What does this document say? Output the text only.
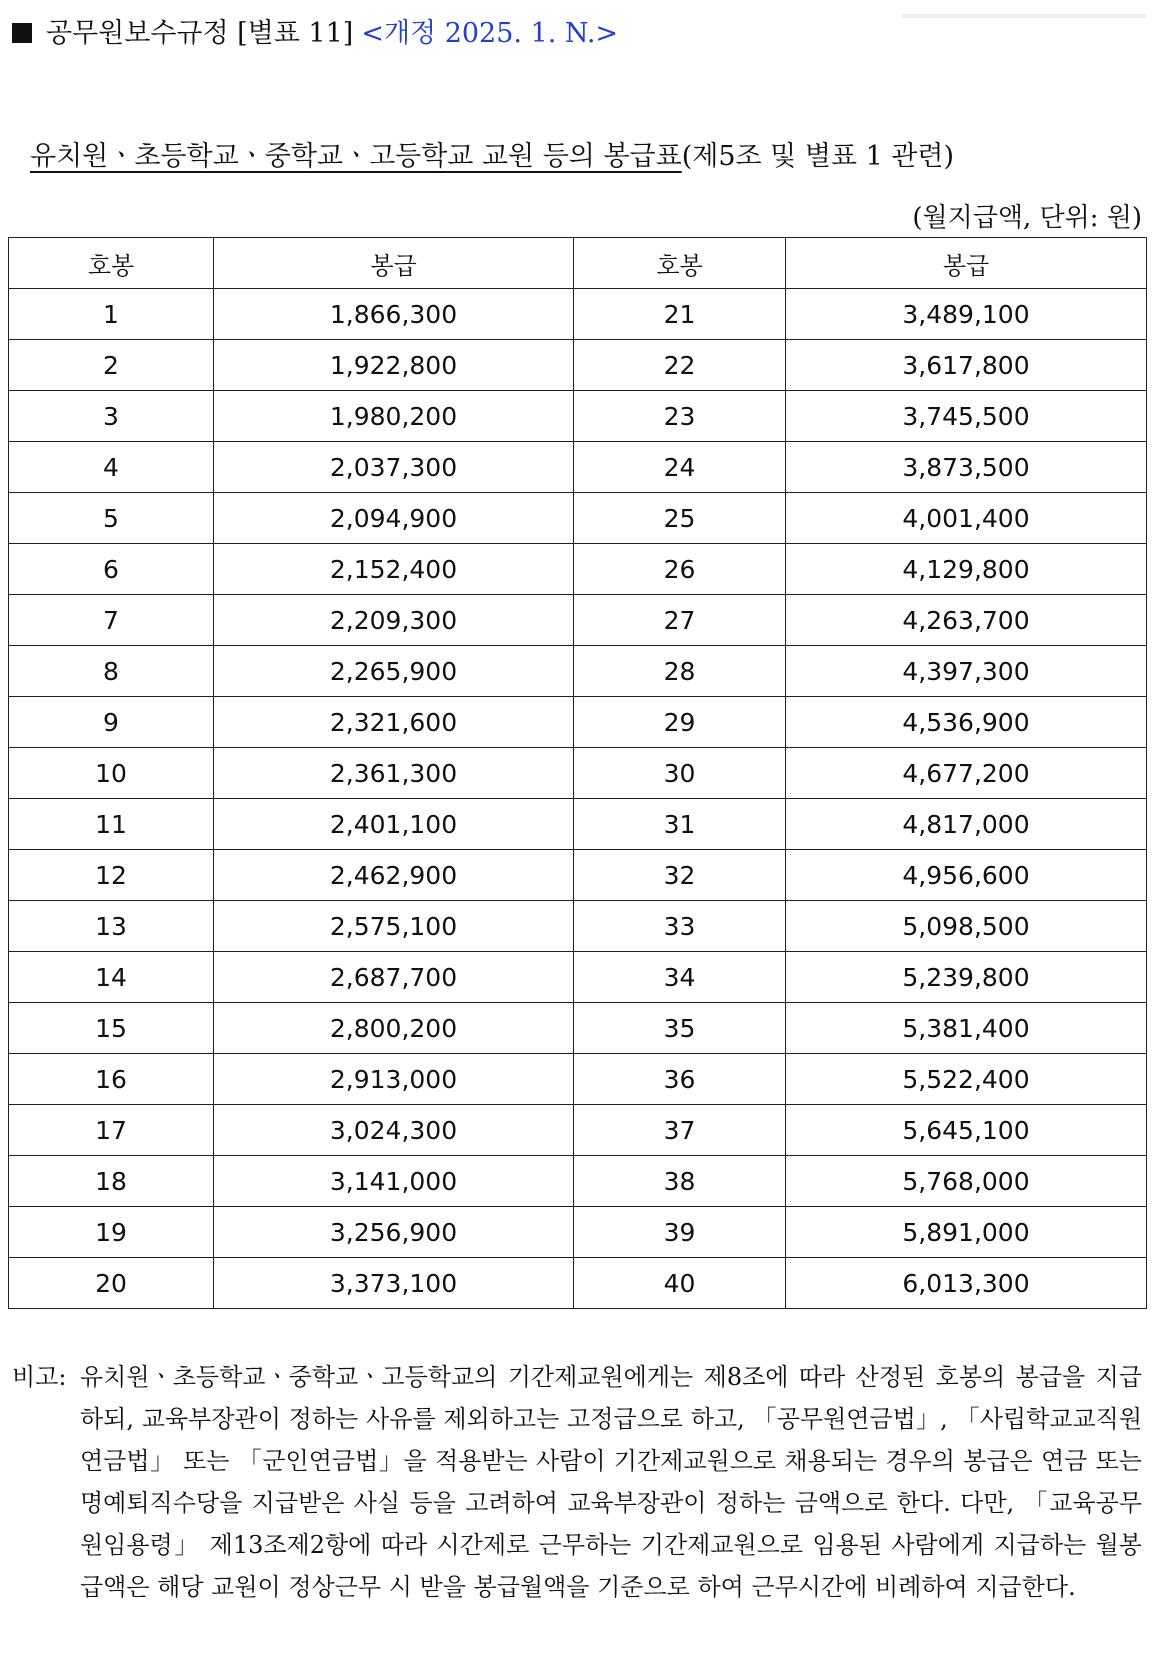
공무원보수규정 [별표 11] <개정 2025. 1. N.>
유치원ㆍ초등학교ㆍ중학교ㆍ고등학교 교원 등의 봉급표(제5조 및 별표 1 관련)
(월지급액, 단위: 원)
호봉	봉급	호봉	봉급
1	1,866,300	21	3,489,100
2	1,922,800	22	3,617,800
3	1,980,200	23	3,745,500
4	2,037,300	24	3,873,500
5	2,094,900	25	4,001,400
6	2,152,400	26	4,129,800
7	2,209,300	27	4,263,700
8	2,265,900	28	4,397,300
9	2,321,600	29	4,536,900
10	2,361,300	30	4,677,200
11	2,401,100	31	4,817,000
12	2,462,900	32	4,956,600
13	2,575,100	33	5,098,500
14	2,687,700	34	5,239,800
15	2,800,200	35	5,381,400
16	2,913,000	36	5,522,400
17	3,024,300	37	5,645,100
18	3,141,000	38	5,768,000
19	3,256,900	39	5,891,000
20	3,373,100	40	6,013,300
비고: 유치원ㆍ초등학교ㆍ중학교ㆍ고등학교의 기간제교원에게는 제8조에 따라 산정된 호봉의 봉급을 지급하되, 교육부장관이 정하는 사유를 제외하고는 고정급으로 하고, 「공무원연금법」, 「사립학교교직원 연금법」 또는 「군인연금법」을 적용받는 사람이 기간제교원으로 채용되는 경우의 봉급은 연금 또는 명예퇴직수당을 지급받은 사실 등을 고려하여 교육부장관이 정하는 금액으로 한다. 다만, 「교육공무원임용령」 제13조제2항에 따라 시간제로 근무하는 기간제교원으로 임용된 사람에게 지급하는 월봉급액은 해당 교원이 정상근무 시 받을 봉급월액을 기준으로 하여 근무시간에 비례하여 지급한다.
